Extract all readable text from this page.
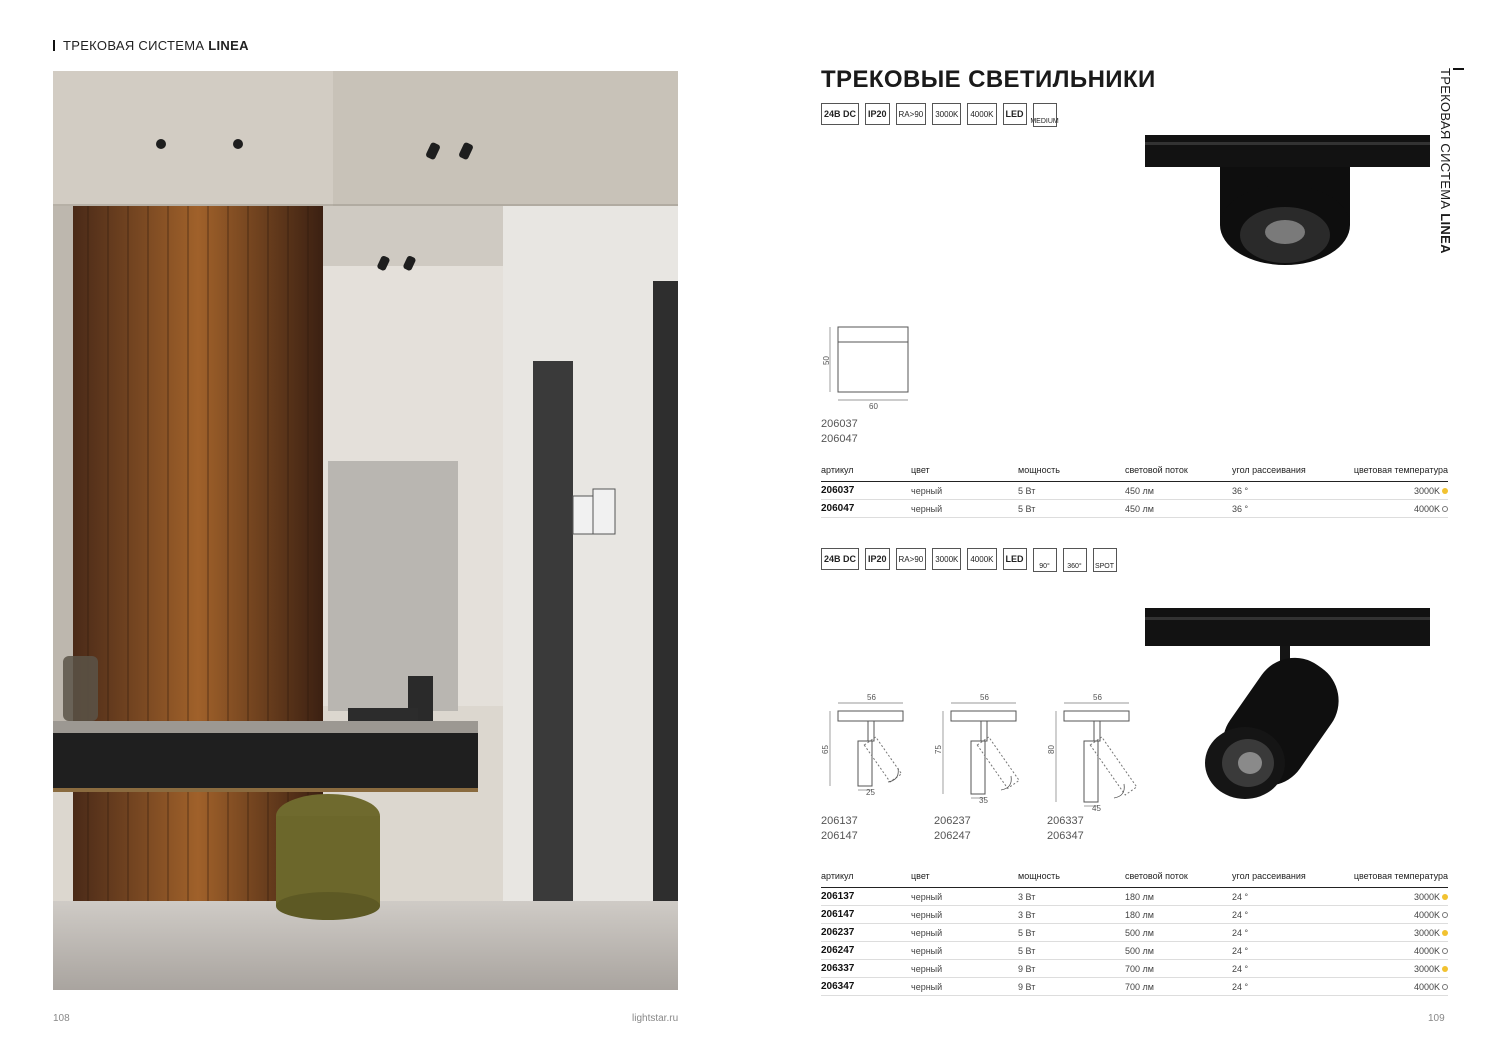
ТРЕКОВАЯ СИСТЕМА LINEA
ТРЕКОВЫЕ СВЕТИЛЬНИКИ
24В DC	IP20	RA>90	3000K	4000K	LED
MEDIUM
50
60
206037
206047
артикул	цвет	мощность	световой поток	угол рассеивания	цветовая температура
206037	черный	5 Вт	450 лм	36 °	3000K
206047	черный	5 Вт	450 лм	36 °	4000K
24В DC	IP20	RA>90	3000K	4000K	LED
90°	360°	SPOT
56
65
25
206137
206147
56
75
35
206237
206247
56
80
45
206337
206347
артикул	цвет	мощность	световой поток	угол рассеивания	цветовая температура
206137	черный	3 Вт	180 лм	24 °	3000K
206147	черный	3 Вт	180 лм	24 °	4000K
206237	черный	5 Вт	500 лм	24 °	3000K
206247	черный	5 Вт	500 лм	24 °	4000K
206337	черный	9 Вт	700 лм	24 °	3000K
206347	черный	9 Вт	700 лм	24 °	4000K
ТРЕКОВАЯ СИСТЕМА LINEA
108	lightstar.ru	109
